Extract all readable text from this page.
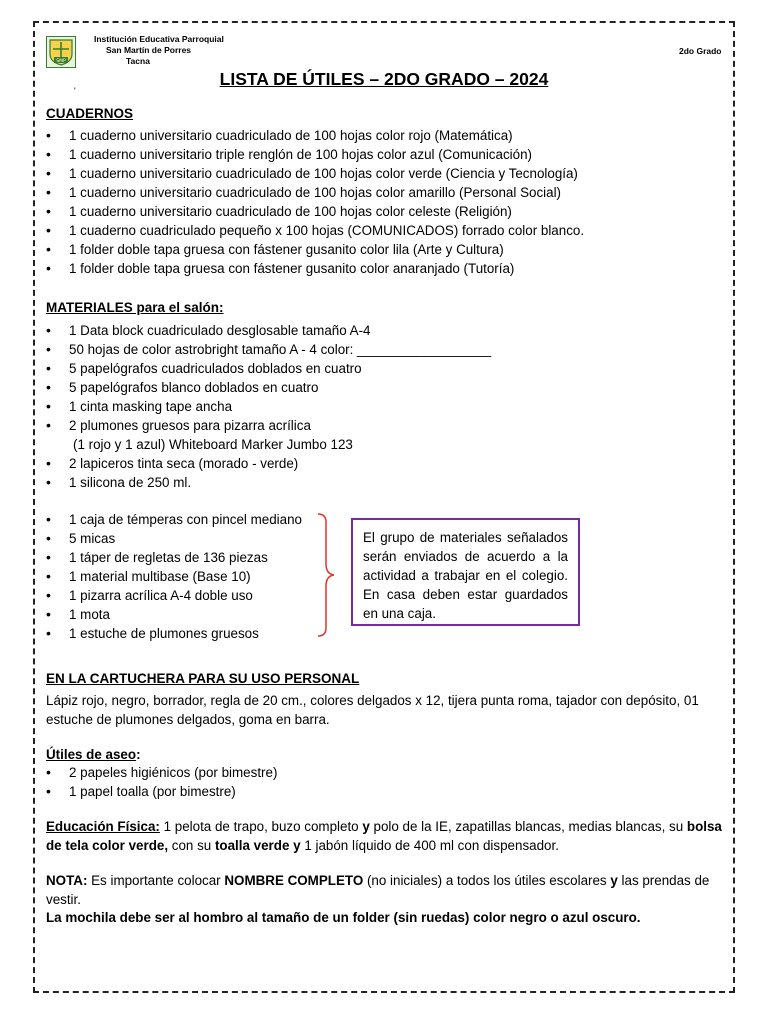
SMP
Institución Educativa Parroquial
San Martín de Porres
Tacna
2do Grado
LISTA DE ÚTILES – 2DO GRADO – 2024
'
CUADERNOS
• 1 cuaderno universitario cuadriculado de 100 hojas color rojo (Matemática)
• 1 cuaderno universitario triple renglón de 100 hojas color azul (Comunicación)
• 1 cuaderno universitario cuadriculado de 100 hojas color verde (Ciencia y Tecnología)
• 1 cuaderno universitario cuadriculado de 100 hojas color amarillo (Personal Social)
• 1 cuaderno universitario cuadriculado de 100 hojas color celeste (Religión)
• 1 cuaderno cuadriculado pequeño x 100 hojas (COMUNICADOS) forrado color blanco.
• 1 folder doble tapa gruesa con fástener gusanito color lila (Arte y Cultura)
• 1 folder doble tapa gruesa con fástener gusanito color anaranjado (Tutoría)
MATERIALES para el salón:
• 1 Data block cuadriculado desglosable tamaño A-4
• 50 hojas de color astrobright tamaño A - 4 color: __________________
• 5 papelógrafos cuadriculados doblados en cuatro
• 5 papelógrafos blanco doblados en cuatro
• 1 cinta masking tape ancha
• 2 plumones gruesos para pizarra acrílica
(1 rojo y 1 azul) Whiteboard Marker Jumbo 123
• 2 lapiceros tinta seca (morado - verde)
• 1 silicona de 250 ml.
• 1 caja de témperas con pincel mediano
• 5 micas
• 1 táper de regletas de 136 piezas
• 1 material multibase (Base 10)
• 1 pizarra acrílica A-4 doble uso
• 1 mota
• 1 estuche de plumones gruesos
El grupo de materiales señalados serán enviados de acuerdo a la actividad a trabajar en el colegio. En casa deben estar guardados en una caja.
EN LA CARTUCHERA PARA SU USO PERSONAL
Lápiz rojo, negro, borrador, regla de 20 cm., colores delgados x 12, tijera punta roma, tajador con depósito, 01 estuche de plumones delgados, goma en barra.
Útiles de aseo:
• 2 papeles higiénicos (por bimestre)
• 1 papel toalla (por bimestre)
Educación Física: 1 pelota de trapo, buzo completo y polo de la IE, zapatillas blancas, medias blancas, su bolsa de tela color verde, con su toalla verde y 1 jabón líquido de 400 ml con dispensador.
NOTA: Es importante colocar NOMBRE COMPLETO (no iniciales) a todos los útiles escolares y las prendas de vestir.
La mochila debe ser al hombro al tamaño de un folder (sin ruedas) color negro o azul oscuro.
